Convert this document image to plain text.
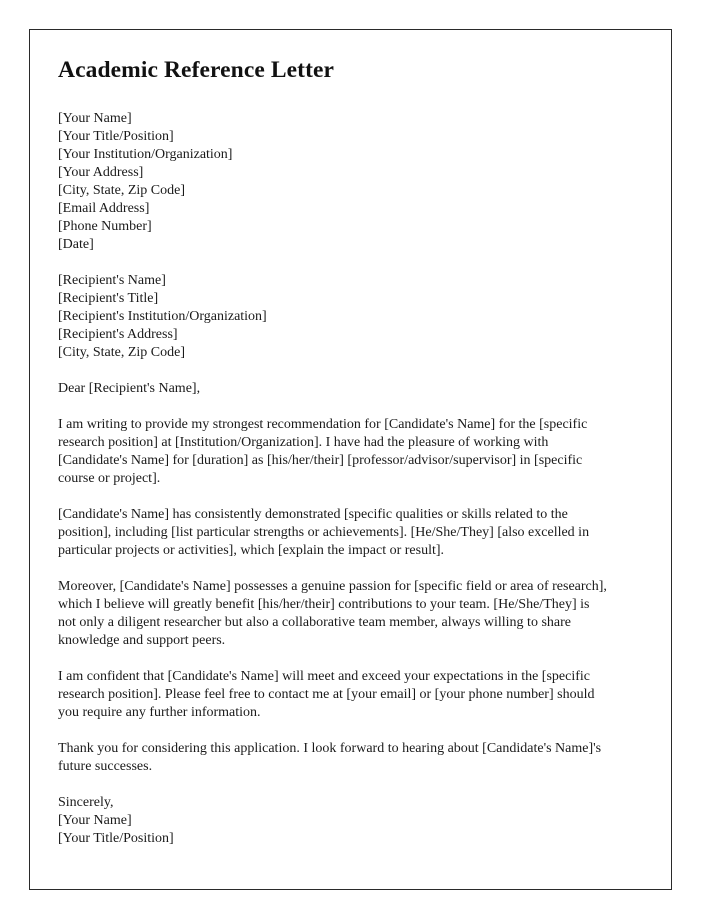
Academic Reference Letter
[Your Name]
[Your Title/Position]
[Your Institution/Organization]
[Your Address]
[City, State, Zip Code]
[Email Address]
[Phone Number]
[Date]
[Recipient's Name]
[Recipient's Title]
[Recipient's Institution/Organization]
[Recipient's Address]
[City, State, Zip Code]

Dear [Recipient's Name],

I am writing to provide my strongest recommendation for [Candidate's Name] for the [specific research position] at [Institution/Organization]. I have had the pleasure of working with [Candidate's Name] for [duration] as [his/her/their] [professor/advisor/supervisor] in [specific course or project].

[Candidate's Name] has consistently demonstrated [specific qualities or skills related to the position], including [list particular strengths or achievements]. [He/She/They] [also excelled in particular projects or activities], which [explain the impact or result].

Moreover, [Candidate's Name] possesses a genuine passion for [specific field or area of research], which I believe will greatly benefit [his/her/their] contributions to your team. [He/She/They] is not only a diligent researcher but also a collaborative team member, always willing to share knowledge and support peers.

I am confident that [Candidate's Name] will meet and exceed your expectations in the [specific research position]. Please feel free to contact me at [your email] or [your phone number] should you require any further information.

Thank you for considering this application. I look forward to hearing about [Candidate's Name]'s future successes.

Sincerely,
[Your Name]
[Your Title/Position]
